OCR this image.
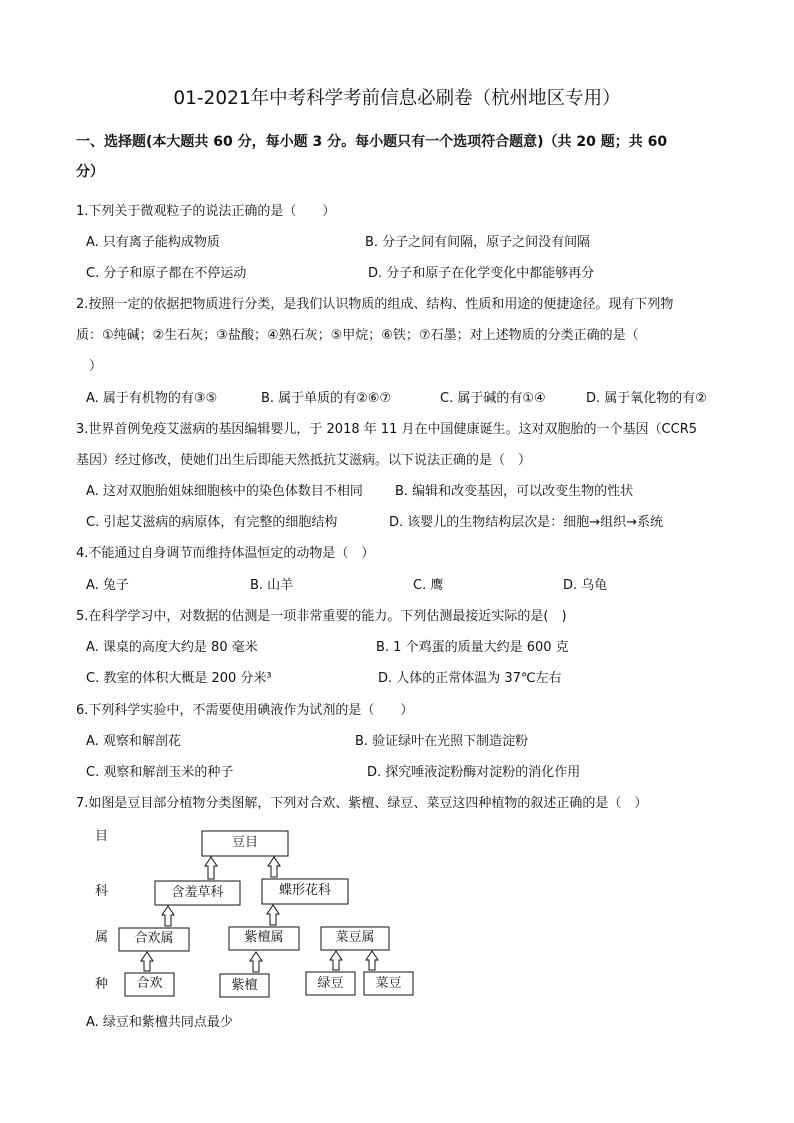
01-2021年中考科学考前信息必刷卷（杭州地区专用）
一、选择题(本大题共 60 分，每小题 3 分。每小题只有一个选项符合题意)（共 20 题；共 60
分）
1.下列关于微观粒子的说法正确的是（　　）
A. 只有离子能构成物质	B. 分子之间有间隔，原子之间没有间隔
C. 分子和原子都在不停运动	D. 分子和原子在化学变化中都能够再分
2.按照一定的依据把物质进行分类，是我们认识物质的组成、结构、性质和用途的便捷途径。现有下列物
质：①纯碱；②生石灰；③盐酸；④熟石灰；⑤甲烷；⑥铁；⑦石墨；对上述物质的分类正确的是（
　）
A. 属于有机物的有③⑤	B. 属于单质的有②⑥⑦	C. 属于碱的有①④	D. 属于氧化物的有②
3.世界首例免疫艾滋病的基因编辑婴儿，于 2018 年 11 月在中国健康诞生。这对双胞胎的一个基因（CCR5
基因）经过修改，使她们出生后即能天然抵抗艾滋病。以下说法正确的是（　）
A. 这对双胞胎姐妹细胞核中的染色体数目不相同 B. 编辑和改变基因，可以改变生物的性状
C. 引起艾滋病的病原体，有完整的细胞结构	D. 该婴儿的生物结构层次是：细胞→组织→系统
4.不能通过自身调节而维持体温恒定的动物是（　）
A. 兔子	B. 山羊	C. 鹰	D. 乌龟
5.在科学学习中，对数据的估测是一项非常重要的能力。下列估测最接近实际的是(　)
A. 课桌的高度大约是 80 毫米	B. 1 个鸡蛋的质量大约是 600 克
C. 教室的体积大概是 200 分米³	D. 人体的正常体温为 37℃左右
6.下列科学实验中，不需要使用碘液作为试剂的是（　　）
A. 观察和解剖花	B. 验证绿叶在光照下制造淀粉
C. 观察和解剖玉米的种子	D. 探究唾液淀粉酶对淀粉的消化作用
7.如图是豆目部分植物分类图解，下列对合欢、紫檀、绿豆、菜豆这四种植物的叙述正确的是（　）
目
科
属
种
豆目
含羞草科	蝶形花科
合欢属	紫檀属	菜豆属
合欢	紫檀	绿豆	菜豆
A. 绿豆和紫檀共同点最少
